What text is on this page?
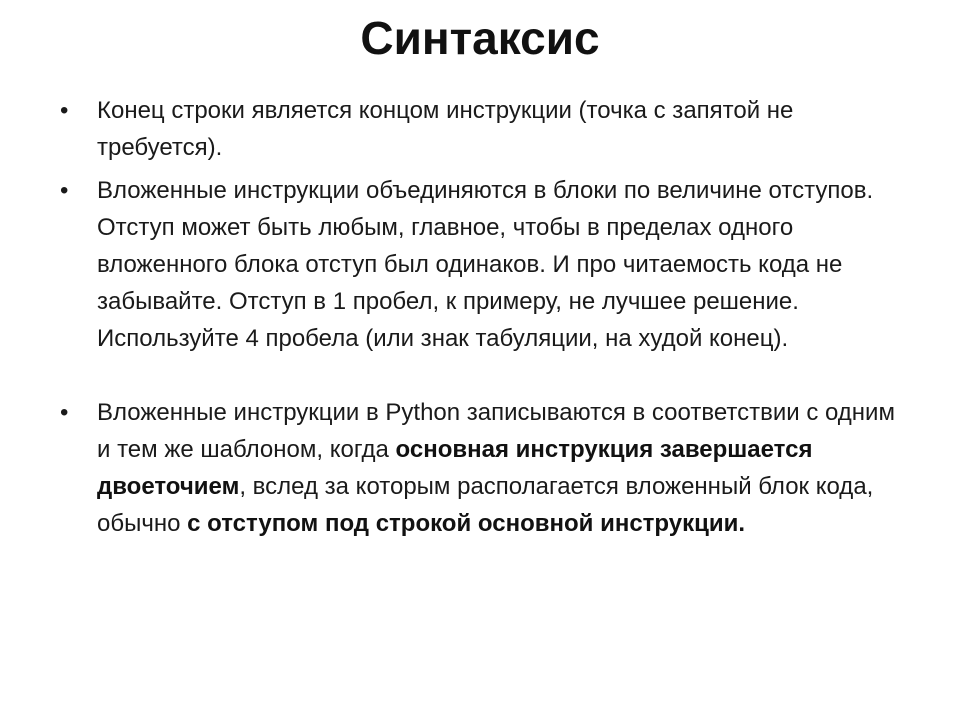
Синтаксис
• Конец строки является концом инструкции (точка с запятой не требуется).
• Вложенные инструкции объединяются в блоки по величине отступов. Отступ может быть любым, главное, чтобы в пределах одного вложенного блока отступ был одинаков. И про читаемость кода не забывайте. Отступ в 1 пробел, к примеру, не лучшее решение. Используйте 4 пробела (или знак табуляции, на худой конец).
• Вложенные инструкции в Python записываются в соответствии с одним и тем же шаблоном, когда основная инструкция завершается двоеточием, вслед за которым располагается вложенный блок кода, обычно с отступом под строкой основной инструкции.
